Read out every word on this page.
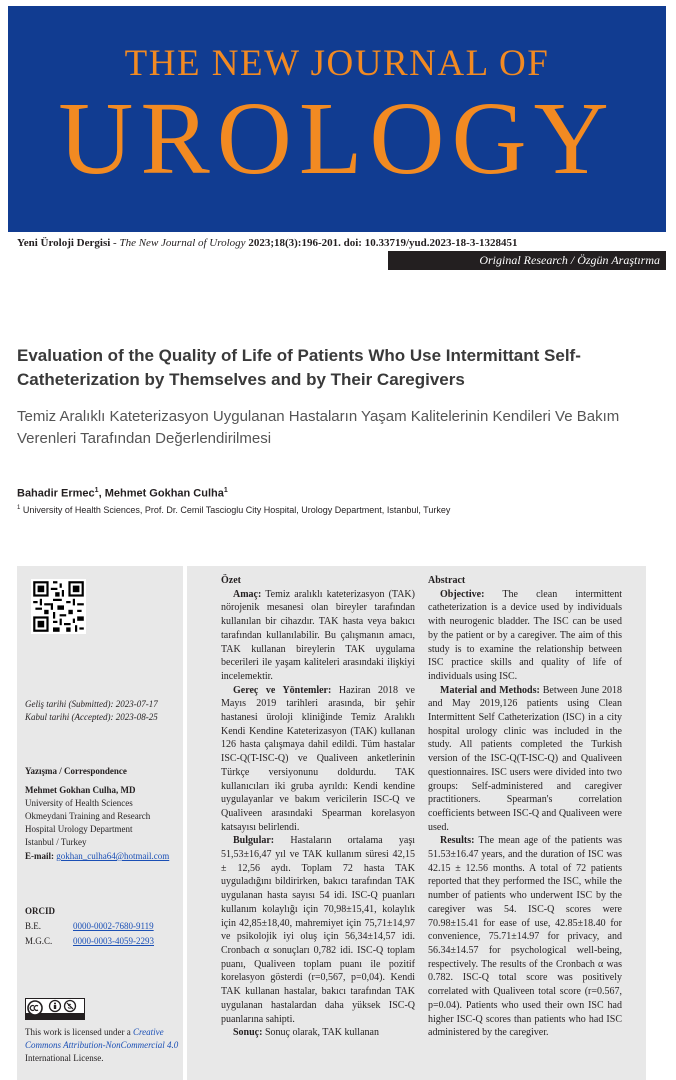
THE NEW JOURNAL OF
UROLOGY
Yeni Üroloji Dergisi - The New Journal of Urology 2023;18(3):196-201. doi: 10.33719/yud.2023-18-3-1328451
Original Research / Özgün Araştırma
Evaluation of the Quality of Life of Patients Who Use Intermittant Self-Catheterization by Themselves and by Their Caregivers
Temiz Aralıklı Kateterizasyon Uygulanan Hastaların Yaşam Kalitelerinin Kendileri Ve Bakım Verenleri Tarafından Değerlendirilmesi
Bahadir Ermec$^1$, Mehmet Gokhan Culha$^1$
$^1$ University of Health Sciences, Prof. Dr. Cemil Tascioglu City Hospital, Urology Department, Istanbul, Turkey
Geliş tarihi (Submitted): 2023-07-17
Kabul tarihi (Accepted): 2023-08-25
Yazışma / Correspondence
Mehmet Gokhan Culha, MD
University of Health Sciences
Okmeydani Training and Research
Hospital Urology Department
Istanbul / Turkey
E-mail: gokhan_culha64@hotmail.com
ORCID
B.E.	0000-0002-7680-9119
M.G.C. 0000-0003-4059-2293
This work is licensed under a Creative Commons Attribution-NonCommercial 4.0 International License.

Özet

Amaç: Temiz aralıklı kateterizasyon (TAK) nörojenik mesanesi olan bireyler tarafından kullanılan bir cihazdır. TAK hasta veya bakıcı tarafından kullanılabilir. Bu çalışmanın amacı, TAK kullanan bireylerin TAK uygulama becerileri ile yaşam kaliteleri arasındaki ilişkiyi incelemektir.

Gereç ve Yöntemler: Haziran 2018 ve Mayıs 2019 tarihleri arasında, bir şehir hastanesi üroloji kliniğinde Temiz Aralıklı Kendi Kendine Kateterizasyon (TAK) kullanan 126 hasta çalışmaya dahil edildi. Tüm hastalar ISC-Q(T-ISC-Q) ve Qualiveen anketlerinin Türkçe versiyonunu doldurdu. TAK kullanıcıları iki gruba ayrıldı: Kendi kendine uygulayanlar ve bakım vericilerin ISC-Q ve Qualiveen arasındaki Spearman korelasyon katsayısı belirlendi.

Bulgular: Hastaların ortalama yaşı 51,53±16,47 yıl ve TAK kullanım süresi 42,15 ± 12,56 aydı. Toplam 72 hasta TAK uyguladığını bildirirken, bakıcı tarafından TAK uygulanan hasta sayısı 54 idi. ISC-Q puanları kullanım kolaylığı için 70,98±15,41, kolaylık için 42,85±18,40, mahremiyet için 75,71±14,97 ve psikolojik iyi oluş için 56,34±14,57 idi. Cronbach α sonuçları 0,782 idi. ISC-Q toplam puanı, Qualiveen toplam puanı ile pozitif korelasyon gösterdi (r=0,567, p=0,04). Kendi TAK kullanan hastalar, bakıcı tarafından TAK uygulanan hastalardan daha yüksek ISC-Q puanlarına sahipti.

Sonuç: Sonuç olarak, TAK kullanan

Abstract

Objective: The clean intermittent catheterization is a device used by individuals with neurogenic bladder. The ISC can be used by the patient or by a caregiver. The aim of this study is to examine the relationship between ISC practice skills and quality of life of individuals using ISC.

Material and Methods: Between June 2018 and May 2019,126 patients using Clean Intermittent Self Catheterization (ISC) in a city hospital urology clinic was included in the study. All patients completed the Turkish version of the ISC-Q(T-ISC-Q) and Qualiveen questionnaires. ISC users were divided into two groups: Self-administered and caregiver practitioners. Spearman's correlation coefficients between ISC-Q and Qualiveen were used.

Results: The mean age of the patients was 51.53±16.47 years, and the duration of ISC was 42.15 ± 12.56 months. A total of 72 patients reported that they performed the ISC, while the number of patients who underwent ISC by the caregiver was 54. ISC-Q scores were 70.98±15.41 for ease of use, 42.85±18.40 for convenience, 75.71±14.97 for privacy, and 56.34±14.57 for psychological well-being, respectively. The results of the Cronbach α was 0.782. ISC-Q total score was positively correlated with Qualiveen total score (r=0.567, p=0.04). Patients who used their own ISC had higher ISC-Q scores than patients who had ISC administered by the caregiver.
